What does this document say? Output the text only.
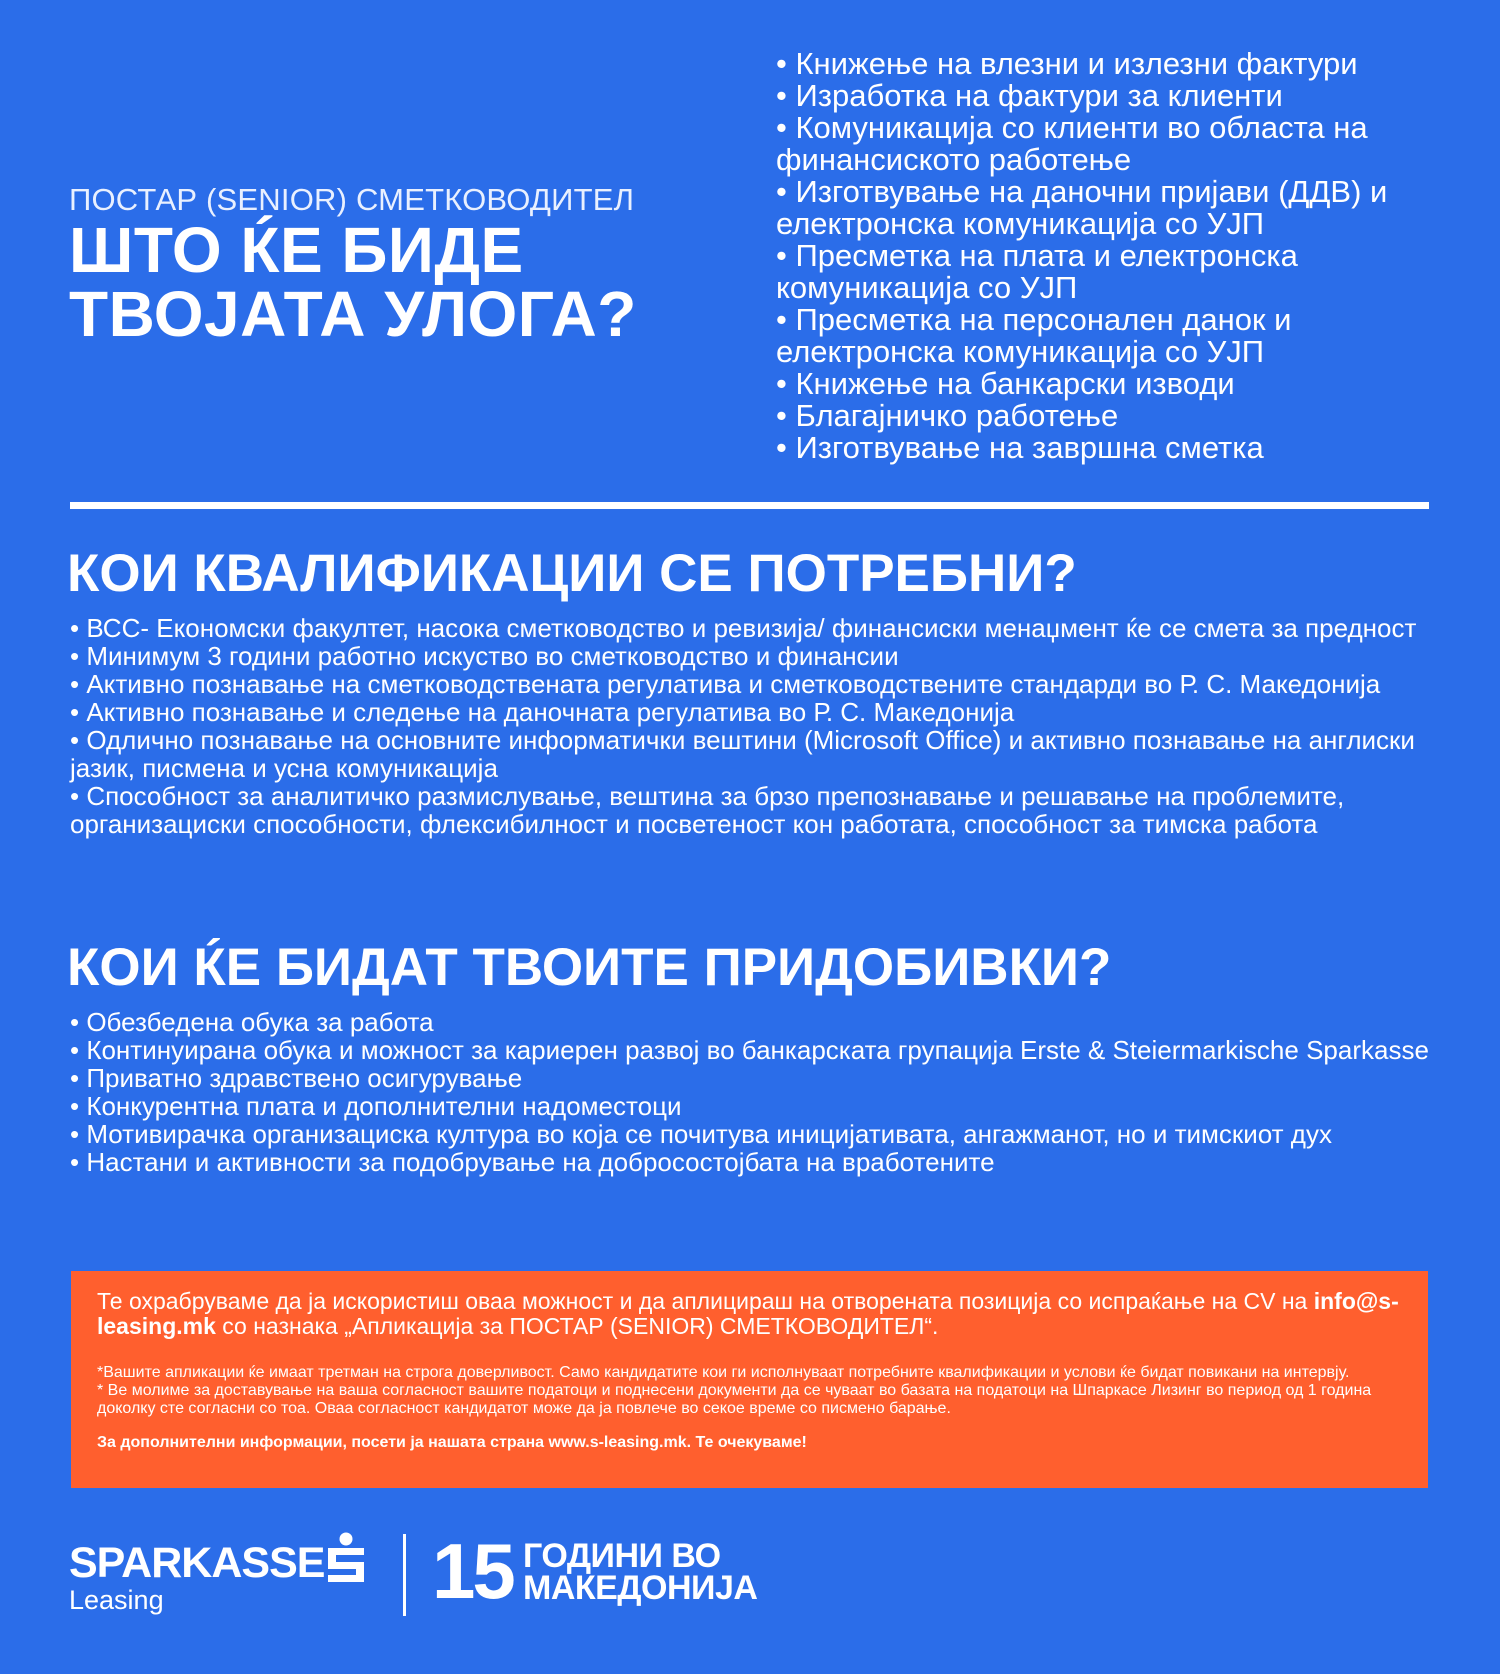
ПОСТАР (SENIOR) СМЕТКОВОДИТЕЛ
ШТО ЌЕ БИДЕ
ТВОЈАТА УЛОГА?
• Книжење на влезни и излезни фактури
• Изработка на фактури за клиенти
• Комуникација со клиенти во областа на финансиското работење
• Изготвување на даночни пријави (ДДВ) и електронска комуникација со УЈП
• Пресметка на плата и електронска комуникација со УЈП
• Пресметка на персонален данок и електронска комуникација со УЈП
• Книжење на банкарски изводи
• Благајничко работење
• Изготвување на завршна сметка
КОИ КВАЛИФИКАЦИИ СЕ ПОТРЕБНИ?
• ВСС- Економски факултет, насока сметководство и ревизија/ финансиски менаџмент ќе се смета за предност
• Минимум 3 години работно искуство во сметководство и финансии
• Активно познавање на сметководствената регулатива и сметководствените стандарди во Р. С. Македонија
• Активно познавање и следење на даночната регулатива во Р. С. Македонија
• Одлично познавање на основните информатички вештини (Microsoft Office) и активно познавање на англиски јазик, писмена и усна комуникација
• Способност за аналитичко размислување, вештина за брзо препознавање и решавање на проблемите, организациски способности, флексибилност и посветеност кон работата, способност за тимска работа
КОИ ЌЕ БИДАТ ТВОИТЕ ПРИДОБИВКИ?
• Обезбедена обука за работа
• Континуирана обука и можност за кариерен развој во банкарската групација Erste & Steiermarkische Sparkasse
• Приватно здравствено осигурување
• Конкурентна плата и дополнителни надоместоци
• Мотивирачка организациска култура во која се почитува иницијативата, ангажманот, но и тимскиот дух
• Настани и активности за подобрување на добросостојбата на вработените

Те охрабруваме да ја искористиш оваа можност и да аплицираш на отворената позиција со испраќање на CV на info@s-leasing.mk со назнака „Апликација за ПОСТАР (SENIOR) СМЕТКОВОДИТЕЛ“.

*Вашите апликации ќе имаат третман на строга доверливост. Само кандидатите кои ги исполнуваат потребните квалификации и услови ќе бидат повикани на интервју.

* Ве молиме за доставување на ваша согласност вашите податоци и поднесени документи да се чуваат во базата на податоци на Шпаркасе Лизинг во период од 1 година доколку сте согласни со тоа. Оваа согласност кандидатот може да ја повлече во секое време со писмено барање.

За дополнителни информации, посети ја нашата страна www.s-leasing.mk. Те очекуваме!

SPARKASSE
Leasing	15 ГОДИНИ ВО
МАКЕДОНИЈА
